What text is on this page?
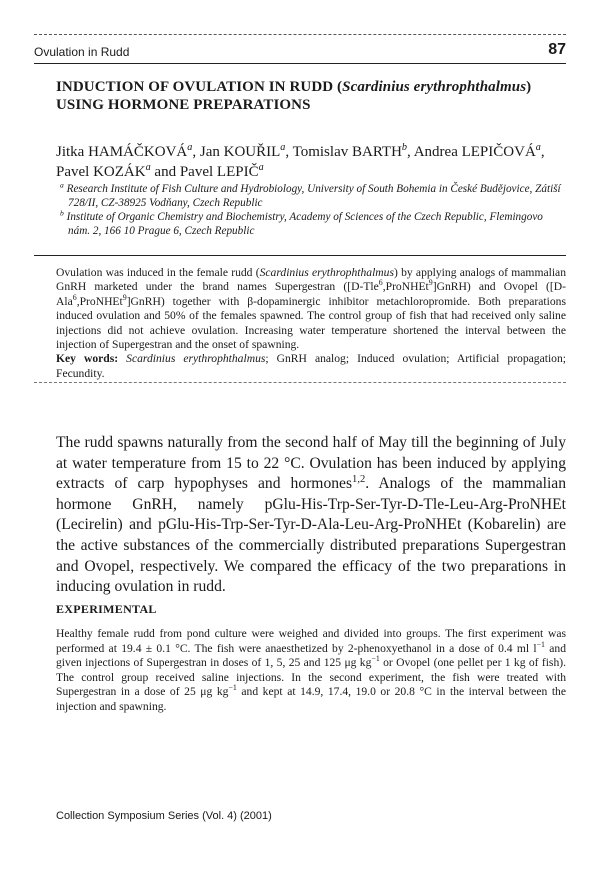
Ovulation in Rudd	87
INDUCTION OF OVULATION IN RUDD (Scardinius erythrophthalmus) USING HORMONE PREPARATIONS

Jitka HAMÁČKOVÁ$^a$, Jan KOUŘIL$^a$, Tomislav BARTH$^b$, Andrea LEPIČOVÁ$^a$,
Pavel KOZÁK$^a$ and Pavel LEPIČ$^a$

$^a$ Research Institute of Fish Culture and Hydrobiology, University of South Bohemia in České Budějovice, Zátiší 728/II, CZ-38925 Vodňany, Czech Republic

$^b$ Institute of Organic Chemistry and Biochemistry, Academy of Sciences of the Czech Republic, Flemingovo nám. 2, 166 10 Prague 6, Czech Republic

Ovulation was induced in the female rudd (Scardinius erythrophthalmus) by applying analogs of mammalian GnRH marketed under the brand names Supergestran ([D-Tle$^6$,ProNHEt$^9$]GnRH) and Ovopel ([D-Ala$^6$,ProNHEt$^9$]GnRH) together with β-dopaminergic inhibitor metachloropromide. Both preparations induced ovulation and 50% of the females spawned. The control group of fish that had received only saline injections did not achieve ovulation. Increasing water temperature shortened the interval between the injection of Supergestran and the onset of spawning.

Key words: Scardinius erythrophthalmus; GnRH analog; Induced ovulation; Artificial propagation; Fecundity.

The rudd spawns naturally from the second half of May till the beginning of July at water temperature from 15 to 22 °C. Ovulation has been induced by applying extracts of carp hypophyses and hormones$^{1,2}$. Analogs of the mammalian hormone GnRH, namely pGlu-His-Trp-Ser-Tyr-D-Tle-Leu-Arg-ProNHEt (Lecirelin) and pGlu-His-Trp-Ser-Tyr-D-Ala-Leu-Arg-ProNHEt (Kobarelin) are the active substances of the commercially distributed preparations Supergestran and Ovopel, respectively. We compared the efficacy of the two preparations in inducing ovulation in rudd.

EXPERIMENTAL

Healthy female rudd from pond culture were weighed and divided into groups. The first experiment was performed at 19.4 ± 0.1 °C. The fish were anaesthetized by 2-phenoxyethanol in a dose of 0.4 ml $l^{-1}$ and given injections of Supergestran in doses of 1, 5, 25 and 125 μg $kg^{-1}$ or Ovopel (one pellet per 1 kg of fish). The control group received saline injections. In the second experiment, the fish were treated with Supergestran in a dose of 25 μg $kg^{-1}$ and kept at 14.9, 17.4, 19.0 or 20.8 °C in the interval between the injection and spawning.

Collection Symposium Series (Vol. 4) (2001)
